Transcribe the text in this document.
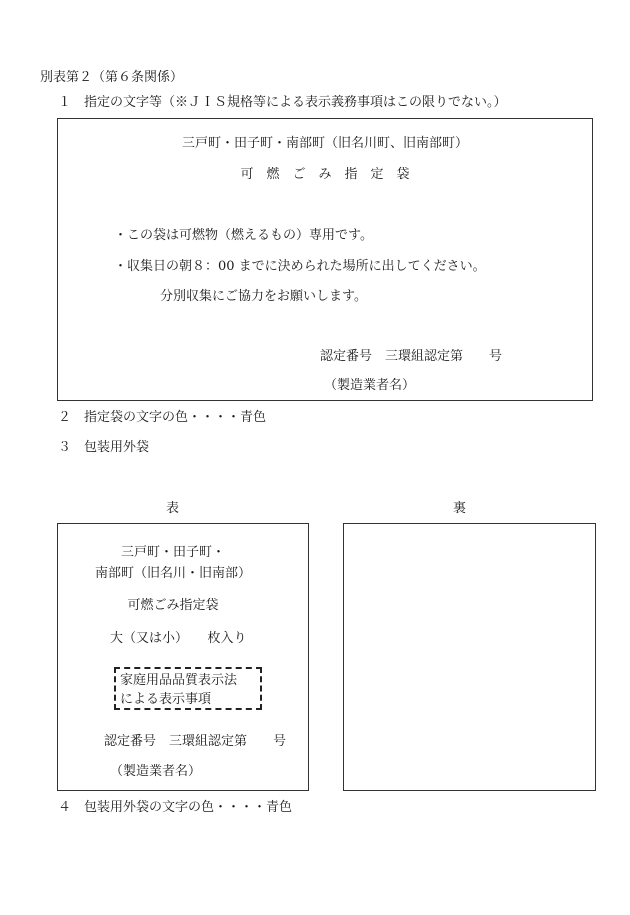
別表第２（第６条関係）
１　指定の文字等（※ＪＩＳ規格等による表示義務事項はこの限りでない。）
三戸町・田子町・南部町（旧名川町、旧南部町）
可　燃　ご　み　指　定　袋
・この袋は可燃物（燃えるもの）専用です。
・収集日の朝８：00 までに決められた場所に出してください。
分別収集にご協力をお願いします。
認定番号　三環組認定第　　号
（製造業者名）
２　指定袋の文字の色・・・・青色
３　包装用外袋
表	裏
三戸町・田子町・
南部町（旧名川・旧南部）
可燃ごみ指定袋
大（又は小）　　枚入り
家庭用品品質表示法
による表示事項
認定番号　三環組認定第　　号
（製造業者名）
４　包装用外袋の文字の色・・・・青色
